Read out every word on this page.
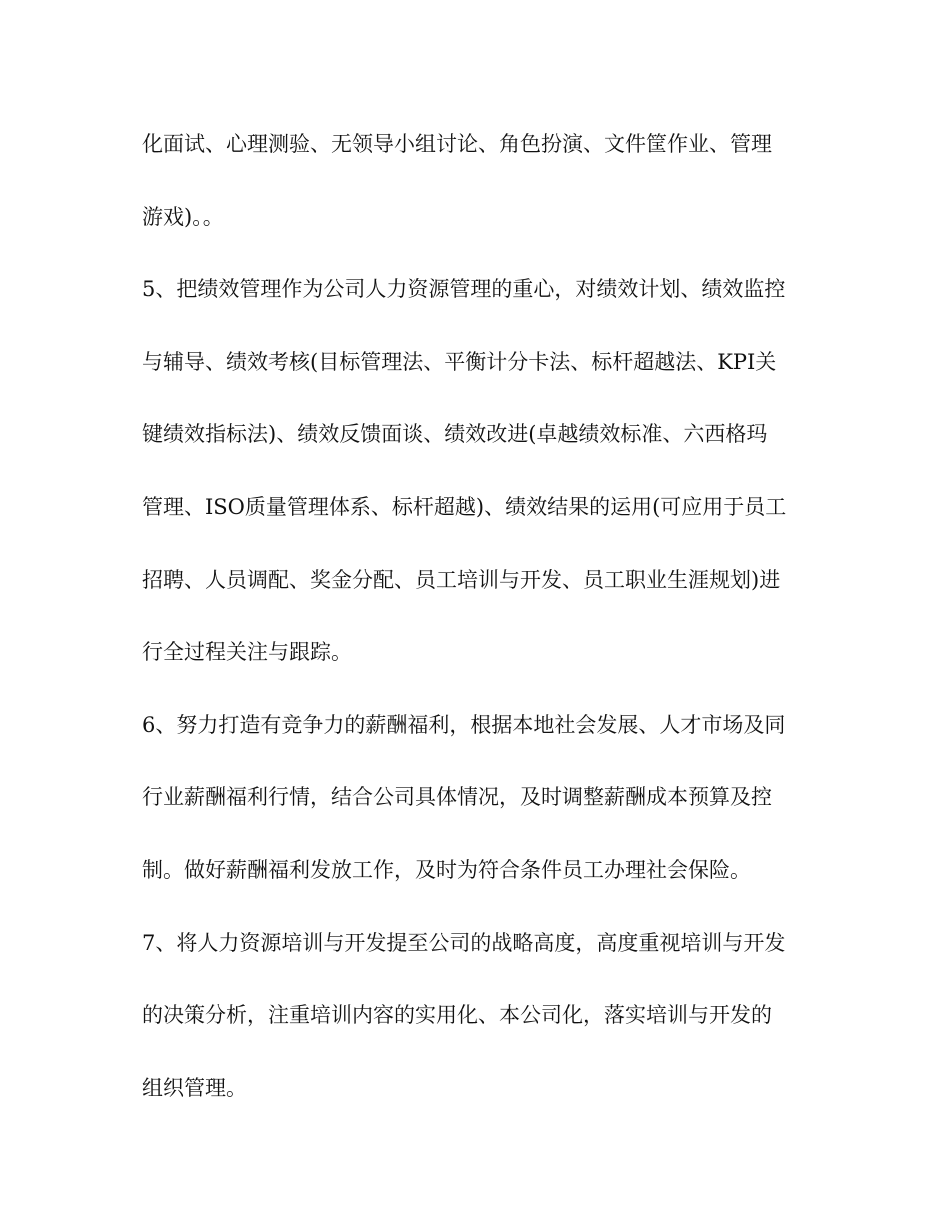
化面试、心理测验、无领导小组讨论、角色扮演、文件筐作业、管理
游戏)。。
5、把绩效管理作为公司人力资源管理的重心，对绩效计划、绩效监控
与辅导、绩效考核(目标管理法、平衡计分卡法、标杆超越法、KPI关
键绩效指标法)、绩效反馈面谈、绩效改进(卓越绩效标准、六西格玛
管理、ISO质量管理体系、标杆超越)、绩效结果的运用(可应用于员工
招聘、人员调配、奖金分配、员工培训与开发、员工职业生涯规划)进
行全过程关注与跟踪。
6、努力打造有竞争力的薪酬福利，根据本地社会发展、人才市场及同
行业薪酬福利行情，结合公司具体情况，及时调整薪酬成本预算及控
制。做好薪酬福利发放工作，及时为符合条件员工办理社会保险。
7、将人力资源培训与开发提至公司的战略高度，高度重视培训与开发
的决策分析，注重培训内容的实用化、本公司化，落实培训与开发的
组织管理。
